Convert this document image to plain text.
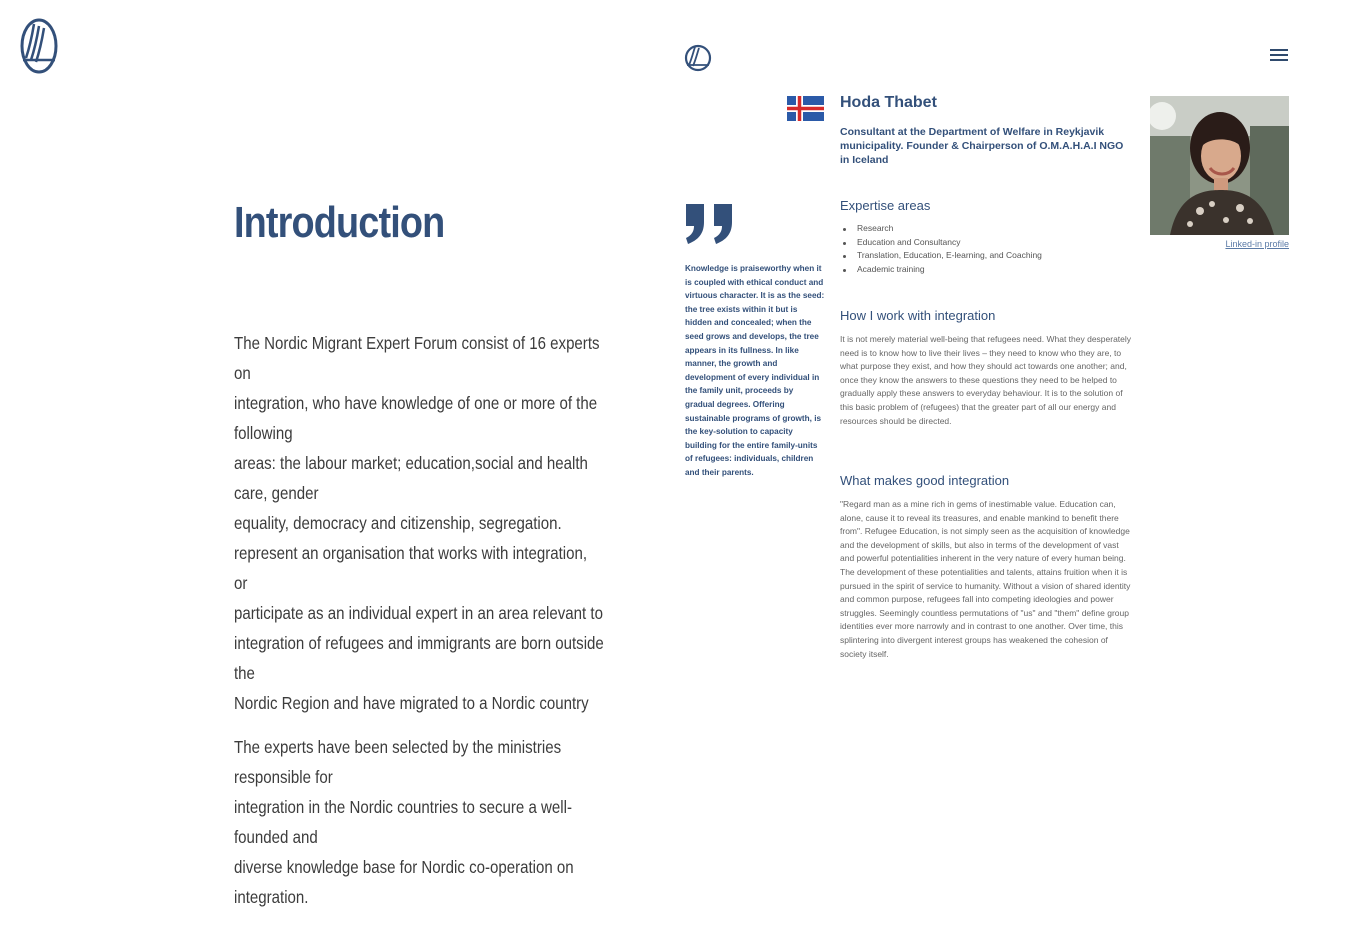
Introduction

The Nordic Migrant Expert Forum consist of 16 experts on
integration, who have knowledge of one or more of the following
areas: the labour market; education,social and health care, gender
equality, democracy and citizenship, segregation.
represent an organisation that works with integration, or
participate as an individual expert in an area relevant to
integration of refugees and immigrants are born outside the
Nordic Region and have migrated to a Nordic country

The experts have been selected by the ministries responsible for
integration in the Nordic countries to secure a well-founded and
diverse knowledge base for Nordic co-operation on integration.

Hoda Thabet

Consultant at the Department of Welfare in Reykjavik municipality. Founder & Chairperson of O.M.A.H.A.I NGO in Iceland

Linked-in profile
Knowledge is praiseworthy when it is coupled with ethical conduct and virtuous character. It is as the seed: the tree exists within it but is hidden and concealed; when the seed grows and develops, the tree appears in its fullness. In like manner, the growth and development of every individual in the family unit, proceeds by gradual degrees. Offering sustainable programs of growth, is the key-solution to capacity building for the entire family-units of refugees: individuals, children and their parents.
Expertise areas
Research
Education and Consultancy
Translation, Education, E-learning, and Coaching
Academic training
How I work with integration

It is not merely material well-being that refugees need. What they desperately need is to know how to live their lives – they need to know who they are, to what purpose they exist, and how they should act towards one another; and, once they know the answers to these questions they need to be helped to gradually apply these answers to everyday behaviour. It is to the solution of this basic problem of (refugees) that the greater part of all our energy and resources should be directed.

What makes good integration

"Regard man as a mine rich in gems of inestimable value. Education can, alone, cause it to reveal its treasures, and enable mankind to benefit there from". Refugee Education, is not simply seen as the acquisition of knowledge and the development of skills, but also in terms of the development of vast and powerful potentialities inherent in the very nature of every human being. The development of these potentialities and talents, attains fruition when it is pursued in the spirit of service to humanity. Without a vision of shared identity and common purpose, refugees fall into competing ideologies and power struggles. Seemingly countless permutations of "us" and "them" define group identities ever more narrowly and in contrast to one another. Over time, this splintering into divergent interest groups has weakened the cohesion of society itself.
